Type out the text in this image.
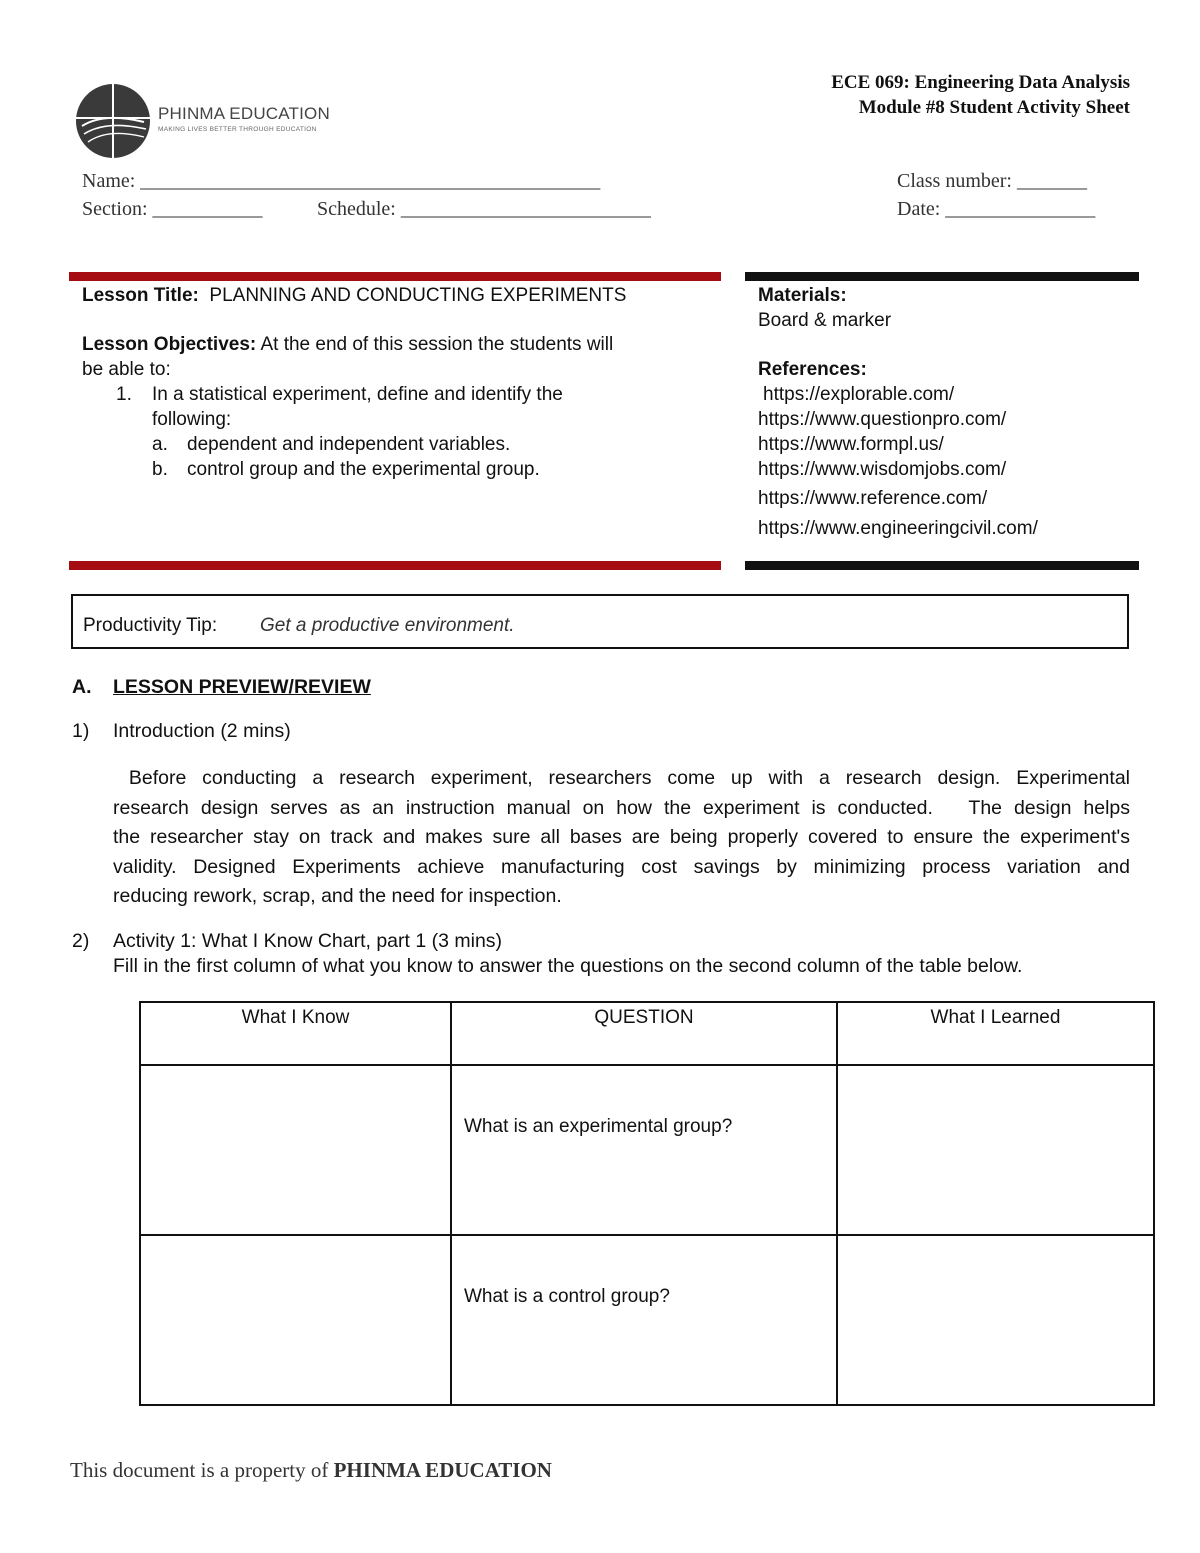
PHINMA EDUCATION
MAKING LIVES BETTER THROUGH EDUCATION
ECE 069: Engineering Data Analysis
Module #8 Student Activity Sheet
Name: ______________________________________________	Class number: _______
Section: ___________	Schedule: _________________________	Date: _______________
Lesson Title: PLANNING AND CONDUCTING EXPERIMENTS
Lesson Objectives: At the end of this session the students will
be able to:
1. In a statistical experiment, define and identify the
following:
a. dependent and independent variables.
b. control group and the experimental group.
Materials:
Board & marker
References:
https://explorable.com/
https://www.questionpro.com/
https://www.formpl.us/
https://www.wisdomjobs.com/
https://www.reference.com/
https://www.engineeringcivil.com/
Productivity Tip: Get a productive environment.
A. LESSON PREVIEW/REVIEW
1) Introduction (2 mins)
Before conducting a research experiment, researchers come up with a research design. Experimental
research design serves as an instruction manual on how the experiment is conducted.   The design helps
the researcher stay on track and makes sure all bases are being properly covered to ensure the experiment's
validity. Designed Experiments achieve manufacturing cost savings by minimizing process variation and
reducing rework, scrap, and the need for inspection.
2) Activity 1: What I Know Chart, part 1 (3 mins)
Fill in the first column of what you know to answer the questions on the second column of the table below.
What I Know	QUESTION	What I Learned
	What is an experimental group?	
	What is a control group?	
This document is a property of PHINMA EDUCATION
